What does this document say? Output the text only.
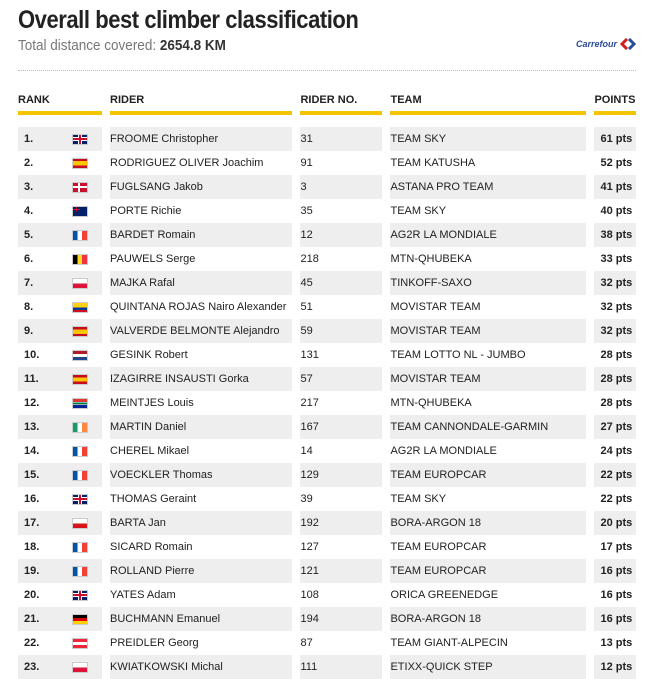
Overall best climber classification
Total distance covered: 2654.8 KM	Carrefour
RANK			RIDER		RIDER NO.		TEAM		POINTS

1.			FROOME Christopher		31		TEAM SKY		61 pts
2.			RODRIGUEZ OLIVER Joachim		91		TEAM KATUSHA		52 pts
3.			FUGLSANG Jakob		3		ASTANA PRO TEAM		41 pts
4.			PORTE Richie		35		TEAM SKY		40 pts
5.			BARDET Romain		12		AG2R LA MONDIALE		38 pts
6.			PAUWELS Serge		218		MTN-QHUBEKA		33 pts
7.			MAJKA Rafal		45		TINKOFF-SAXO		32 pts
8.			QUINTANA ROJAS Nairo Alexander		51		MOVISTAR TEAM		32 pts
9.			VALVERDE BELMONTE Alejandro		59		MOVISTAR TEAM		32 pts
10.			GESINK Robert		131		TEAM LOTTO NL - JUMBO		28 pts
11.			IZAGIRRE INSAUSTI Gorka		57		MOVISTAR TEAM		28 pts
12.			MEINTJES Louis		217		MTN-QHUBEKA		28 pts
13.			MARTIN Daniel		167		TEAM CANNONDALE-GARMIN		27 pts
14.			CHEREL Mikael		14		AG2R LA MONDIALE		24 pts
15.			VOECKLER Thomas		129		TEAM EUROPCAR		22 pts
16.			THOMAS Geraint		39		TEAM SKY		22 pts
17.			BARTA Jan		192		BORA-ARGON 18		20 pts
18.			SICARD Romain		127		TEAM EUROPCAR		17 pts
19.			ROLLAND Pierre		121		TEAM EUROPCAR		16 pts
20.			YATES Adam		108		ORICA GREENEDGE		16 pts
21.			BUCHMANN Emanuel		194		BORA-ARGON 18		16 pts
22.			PREIDLER Georg		87		TEAM GIANT-ALPECIN		13 pts
23.			KWIATKOWSKI Michal		111		ETIXX-QUICK STEP		12 pts
